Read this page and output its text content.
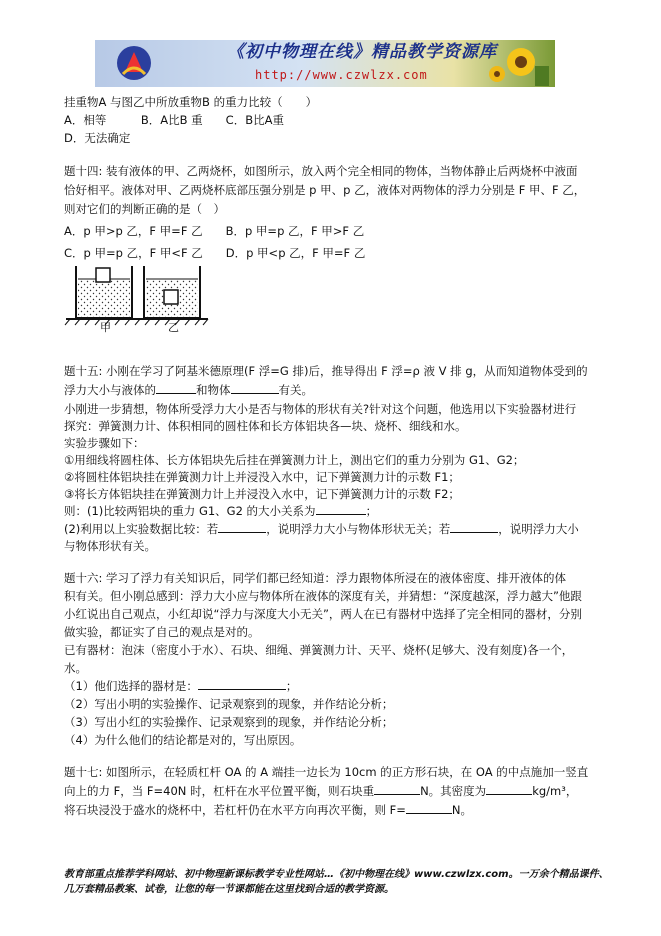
《初中物理在线》精品教学资源库
http://www.czwlzx.com
挂重物A 与图乙中所放重物B 的重力比较（　　）
A．相等　　　B．A比B 重　　C．B比A重
D．无法确定
题十四: 装有液体的甲、乙两烧杯，如图所示，放入两个完全相同的物体，当物体静止后两烧杯中液面
恰好相平。液体对甲、乙两烧杯底部压强分别是 p 甲、p 乙，液体对两物体的浮力分别是 F 甲、F 乙，
则对它们的判断正确的是（　）
A．p 甲>p 乙，F 甲=F 乙　　B．p 甲=p 乙，F 甲>F 乙
C．p 甲=p 乙，F 甲<F 乙　　D．p 甲<p 乙，F 甲=F 乙
甲	乙
题十五: 小刚在学习了阿基米德原理(F 浮=G 排)后，推导得出 F 浮=ρ 液 V 排 g，从而知道物体受到的
浮力大小与液体的	和物体	有关。
小刚进一步猜想，物体所受浮力大小是否与物体的形状有关?针对这个问题，他选用以下实验器材进行
探究：弹簧测力计、体积相同的圆柱体和长方体铝块各—块、烧杯、细线和水。
实验步骤如下：
①用细线将圆柱体、长方体铝块先后挂在弹簧测力计上，测出它们的重力分别为 G1、G2；
②将圆柱体铝块挂在弹簧测力计上并浸没入水中，记下弹簧测力计的示数 F1；
③将长方体铝块挂在弹簧测力计上并浸没入水中，记下弹簧测力计的示数 F2；
则：(1)比较两铝块的重力 G1、G2 的大小关系为	；
(2)利用以上实验数据比较：若	，说明浮力大小与物体形状无关；若	，说明浮力大小
与物体形状有关。
题十六: 学习了浮力有关知识后，同学们都已经知道：浮力跟物体所浸在的液体密度、排开液体的体
积有关。但小刚总感到：浮力大小应与物体所在液体的深度有关，并猜想：“深度越深，浮力越大”他跟
小红说出自己观点，小红却说“浮力与深度大小无关”，两人在已有器材中选择了完全相同的器材，分别
做实验，都证实了自己的观点是对的。
已有器材：泡沫（密度小于水）、石块、细绳、弹簧测力计、天平、烧杯(足够大、没有刻度)各一个，
水。
（1）他们选择的器材是：	；
（2）写出小明的实验操作、记录观察到的现象，并作结论分析；
（3）写出小红的实验操作、记录观察到的现象，并作结论分析；
（4）为什么他们的结论都是对的，写出原因。
题十七: 如图所示，在轻质杠杆 OA 的 A 端挂一边长为 10cm 的正方形石块，在 OA 的中点施加一竖直
向上的力 F，当 F=40N 时，杠杆在水平位置平衡，则石块重	N。其密度为	kg/m³，
将石块浸没于盛水的烧杯中，若杠杆仍在水平方向再次平衡，则 F=	N。
教育部重点推荐学科网站、初中物理新课标教学专业性网站…《初中物理在线》www.czwlzx.com。一万余个精品课件、
几万套精品教案、试卷，让您的每一节课都能在这里找到合适的教学资源。
